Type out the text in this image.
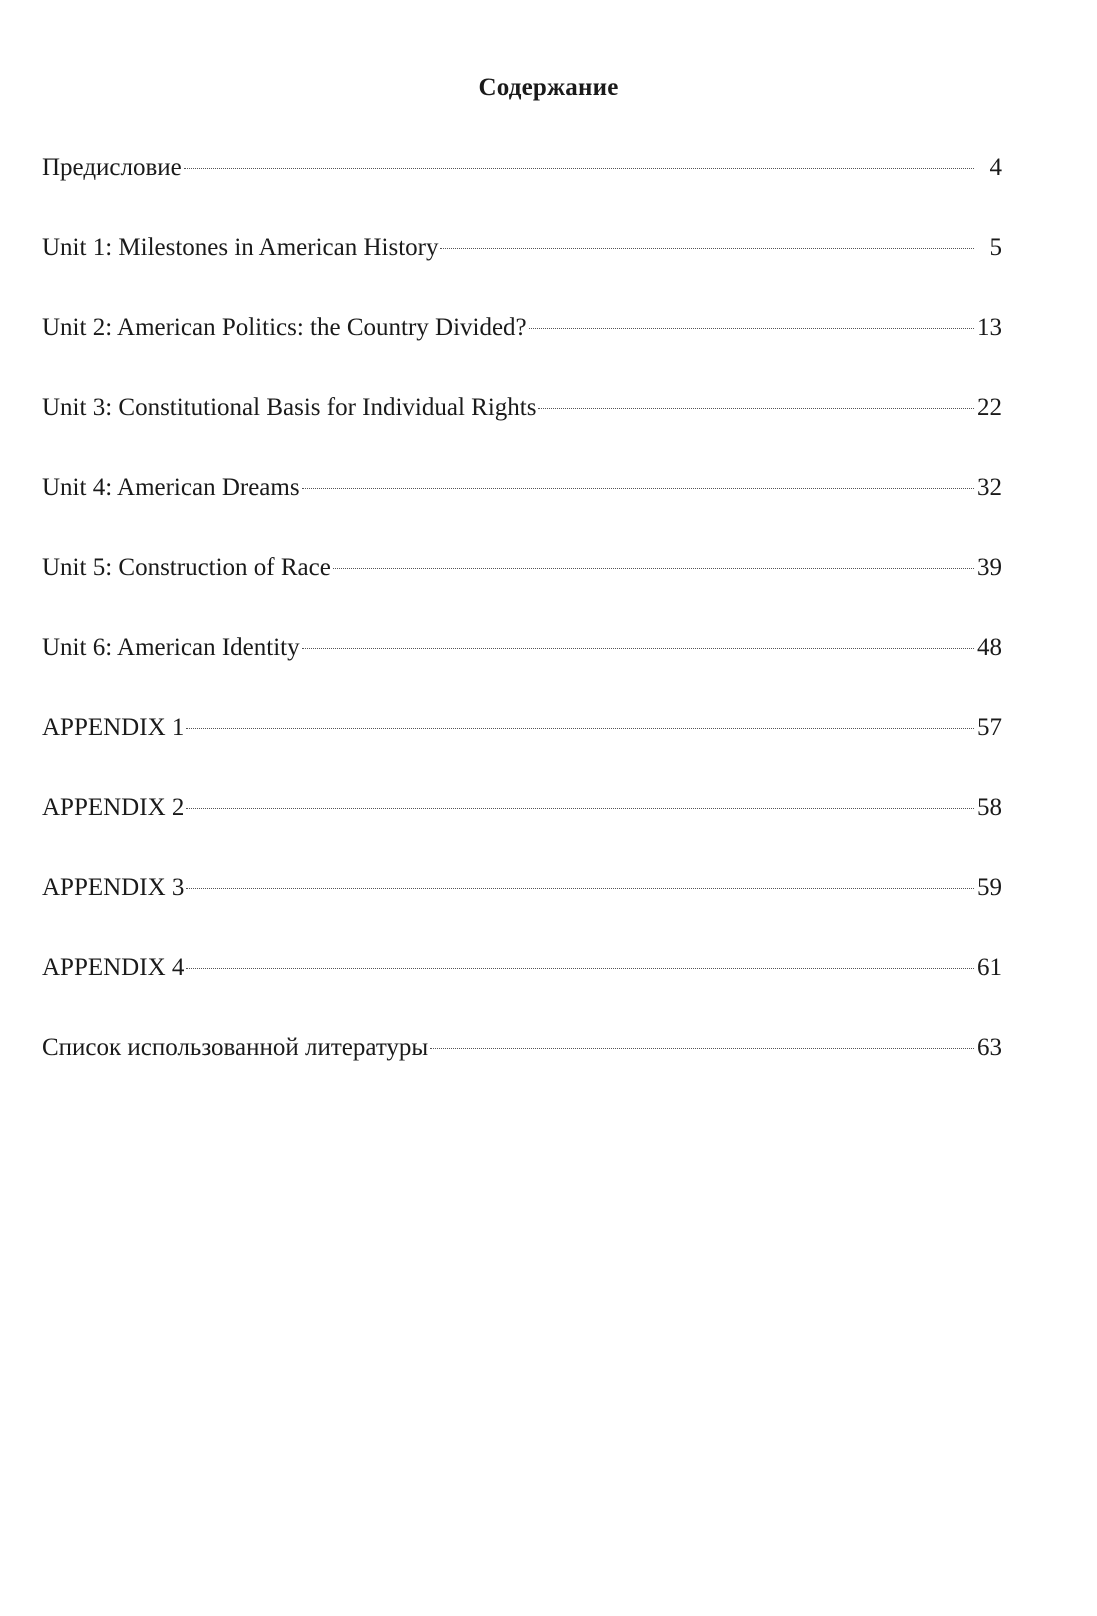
Содержание
Предисловие	4
Unit 1: Milestones in American History	5
Unit 2: American Politics: the Country Divided?	13
Unit 3: Constitutional Basis for Individual Rights	22
Unit 4: American Dreams	32
Unit 5: Construction of Race	39
Unit 6: American Identity	48
APPENDIX 1	57
APPENDIX 2	58
APPENDIX 3	59
APPENDIX 4	61
Список использованной литературы	63
